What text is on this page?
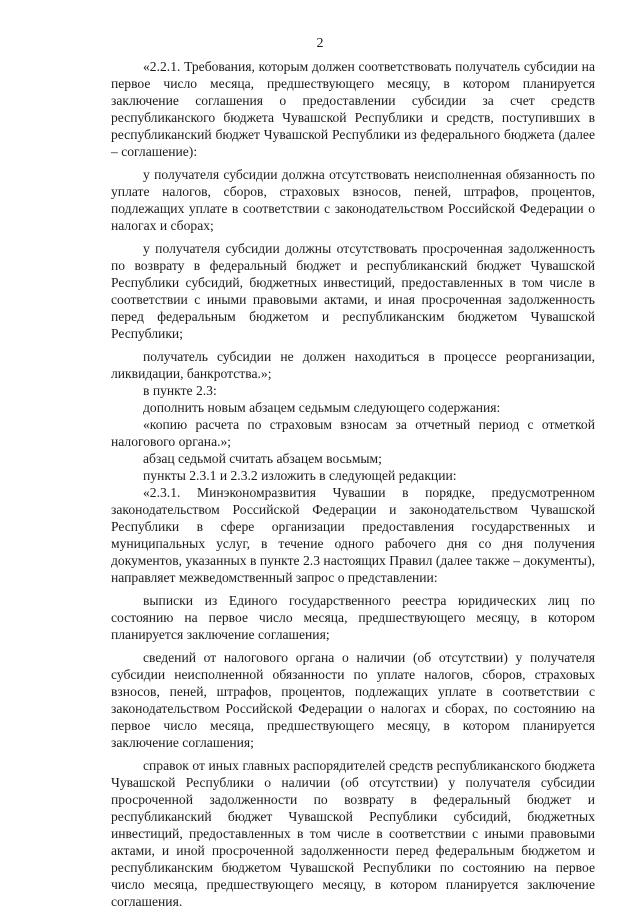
2

«2.2.1. Требования, которым должен соответствовать получатель субсидии на первое число месяца, предшествующего месяцу, в котором планируется заключение соглашения о предоставлении субсидии за счет средств республиканского бюджета Чувашской Республики и средств, поступивших в республиканский бюджет Чувашской Республики из федерального бюджета (далее – соглашение):

у получателя субсидии должна отсутствовать неисполненная обязанность по уплате налогов, сборов, страховых взносов, пеней, штрафов, процентов, подлежащих уплате в соответствии с законодательством Российской Федерации о налогах и сборах;

у получателя субсидии должны отсутствовать просроченная задолженность по возврату в федеральный бюджет и республиканский бюджет Чувашской Республики субсидий, бюджетных инвестиций, предоставленных в том числе в соответствии с иными правовыми актами, и иная просроченная задолженность перед федеральным бюджетом и республиканским бюджетом Чувашской Республики;

получатель субсидии не должен находиться в процессе реорганизации, ликвидации, банкротства.»;

в пункте 2.3:

дополнить новым абзацем седьмым следующего содержания:

«копию расчета по страховым взносам за отчетный период с отметкой налогового органа.»;

абзац седьмой считать абзацем восьмым;

пункты 2.3.1 и 2.3.2 изложить в следующей редакции:

«2.3.1. Минэкономразвития Чувашии в порядке, предусмотренном законодательством Российской Федерации и законодательством Чувашской Республики в сфере организации предоставления государственных и муниципальных услуг, в течение одного рабочего дня со дня получения документов, указанных в пункте 2.3 настоящих Правил (далее также – документы), направляет межведомственный запрос о представлении:

выписки из Единого государственного реестра юридических лиц по состоянию на первое число месяца, предшествующего месяцу, в котором планируется заключение соглашения;

сведений от налогового органа о наличии (об отсутствии) у получателя субсидии неисполненной обязанности по уплате налогов, сборов, страховых взносов, пеней, штрафов, процентов, подлежащих уплате в соответствии с законодательством Российской Федерации о налогах и сборах, по состоянию на первое число месяца, предшествующего месяцу, в котором планируется заключение соглашения;

справок от иных главных распорядителей средств республиканского бюджета Чувашской Республики о наличии (об отсутствии) у получателя субсидии просроченной задолженности по возврату в федеральный бюджет и республиканский бюджет Чувашской Республики субсидий, бюджетных инвестиций, предоставленных в том числе в соответствии с иными правовыми актами, и иной просроченной задолженности перед федеральным бюджетом и республиканским бюджетом Чувашской Республики по состоянию на первое число месяца, предшествующего месяцу, в котором планируется заключение соглашения.
